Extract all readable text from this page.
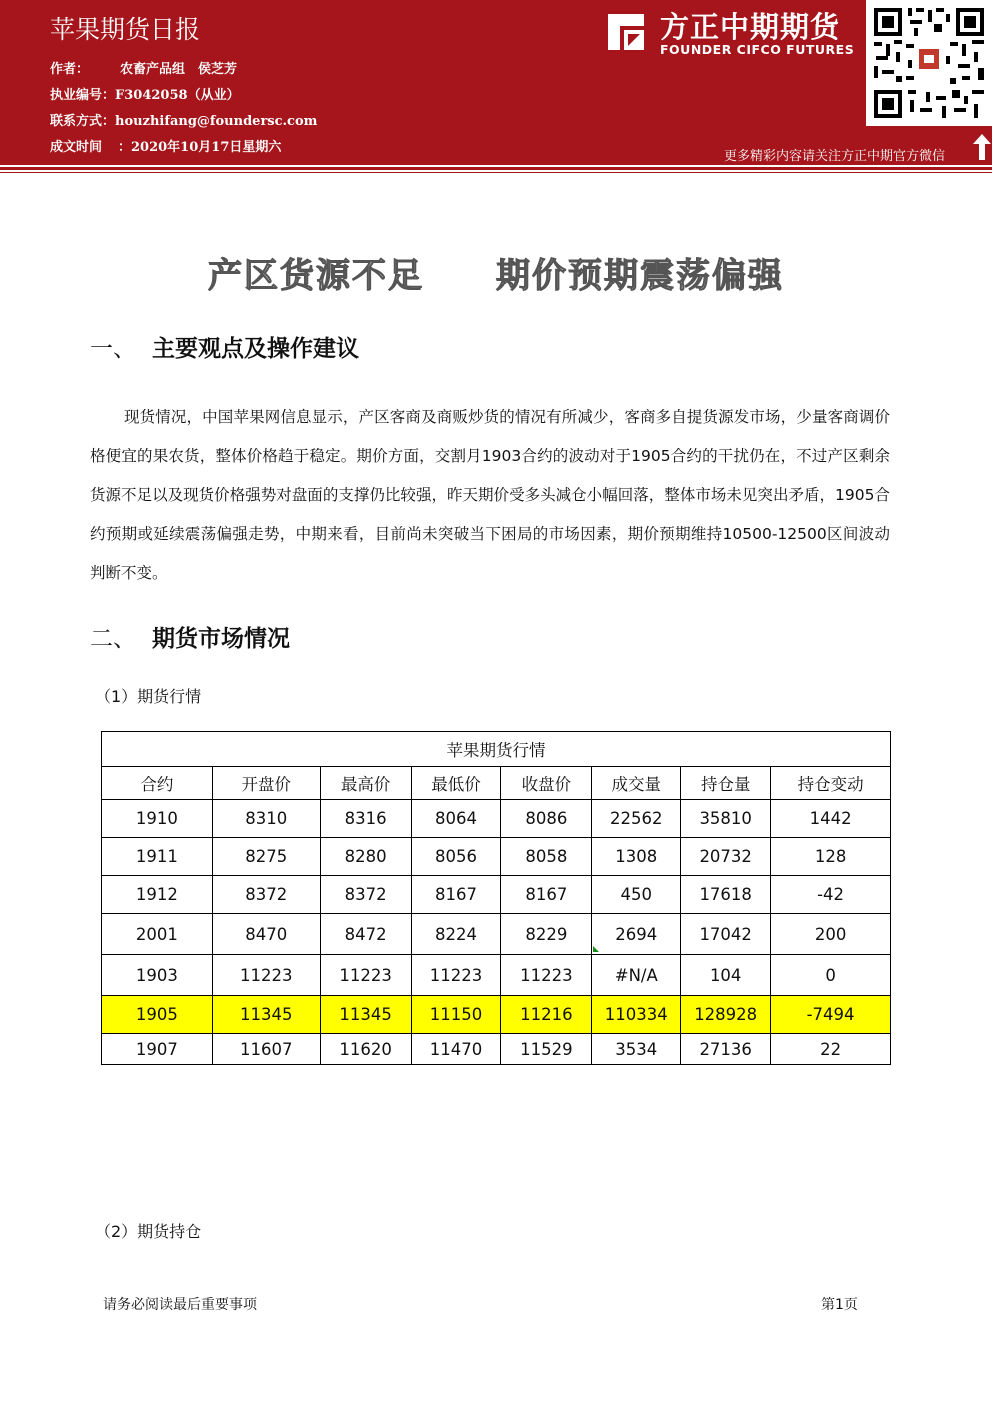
苹果期货日报
作者： 农畜产品组　侯芝芳
执业编号：F3042058（从业）
联系方式：houzhifang@foundersc.com
成文时间 ：2020年10月17日星期六
方正中期期货
FOUNDER CIFCO FUTURES
更多精彩内容请关注方正中期官方微信
产区货源不足　　期价预期震荡偏强
一、 主要观点及操作建议
现货情况，中国苹果网信息显示，产区客商及商贩炒货的情况有所减少，客商多自提货源发市场，少量客商调价格便宜的果农货，整体价格趋于稳定。期价方面，交割月1903合约的波动对于1905合约的干扰仍在，不过产区剩余货源不足以及现货价格强势对盘面的支撑仍比较强，昨天期价受多头减仓小幅回落，整体市场未见突出矛盾，1905合约预期或延续震荡偏强走势，中期来看，目前尚未突破当下困局的市场因素，期价预期维持10500-12500区间波动判断不变。
二、 期货市场情况
（1）期货行情
苹果期货行情							
合约	开盘价	最高价	最低价	收盘价	成交量	持仓量	持仓变动
1910	8310	8316	8064	8086	22562	35810	1442
1911	8275	8280	8056	8058	1308	20732	128
1912	8372	8372	8167	8167	450	17618	-42
2001	8470	8472	8224	8229	2694	17042	200
1903	11223	11223	11223	11223	#N/A	104	0
1905	11345	11345	11150	11216	110334	128928	-7494
1907	11607	11620	11470	11529	3534	27136	22
（2）期货持仓
请务必阅读最后重要事项	第1页
